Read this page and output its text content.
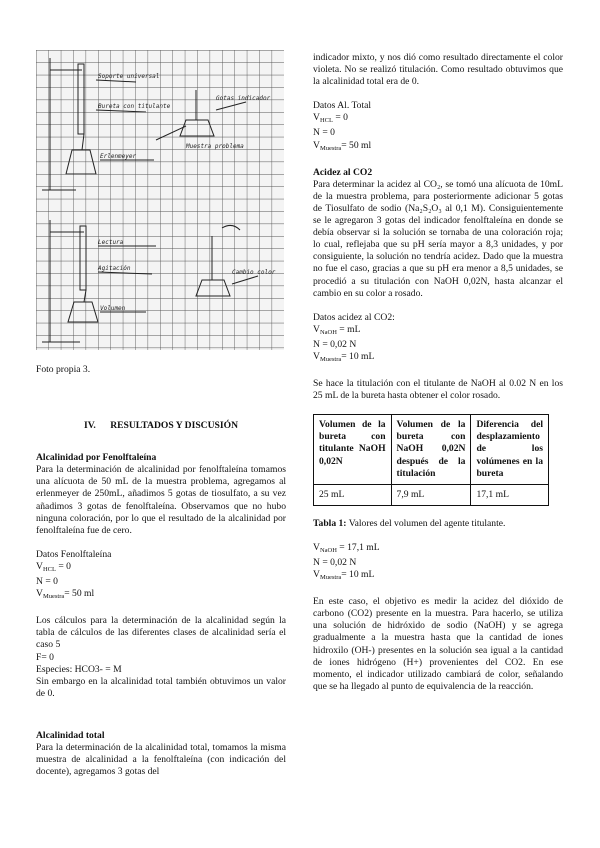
Soporte universal
Bureta con titulante
Erlenmeyer
Muestra problema
Gotas indicador
Lectura
Cambio color
Agitación
Volumen

Foto propia 3.

IV. RESULTADOS Y DISCUSIÓN

Alcalinidad por Fenolftaleína

Para la determinación de alcalinidad por fenolftaleína tomamos una alícuota de 50 mL de la muestra problema, agregamos al erlenmeyer de 250mL, añadimos 5 gotas de tiosulfato, a su vez añadimos 3 gotas de fenolftaleína. Observamos que no hubo ninguna coloración, por lo que el resultado de la alcalinidad por fenolftaleína fue de cero.

Datos Fenolftaleína

$V_{HCL} = 0$

N = 0

$V_{Muestra}= 50$ ml

Los cálculos para la determinación de la alcalinidad según la tabla de cálculos de las diferentes clases de alcalinidad sería el caso 5

F= 0

Especies: HCO3- = M

Sin embargo en la alcalinidad total también obtuvimos un valor de 0.

Alcalinidad total

Para la determinación de la alcalinidad total, tomamos la misma muestra de alcalinidad a la fenolftaleína (con indicación del docente), agregamos 3 gotas del

indicador mixto, y nos dió como resultado directamente el color violeta. No se realizó titulación. Como resultado obtuvimos que la alcalinidad total era de 0.

Datos Al. Total

$V_{HCL} = 0$

N = 0

$V_{Muestra}= 50$ ml

Acidez al CO2

Para determinar la acidez al CO₂, se tomó una alícuota de 10mL de la muestra problema, para posteriormente adicionar 5 gotas de Tiosulfato de sodio (Na₂S₂O₃ al 0,1 M). Consiguientemente se le agregaron 3 gotas del indicador fenolftaleína en donde se debía observar si la solución se tornaba de una coloración roja; lo cual, reflejaba que su pH sería mayor a 8,3 unidades, y por consiguiente, la solución no tendría acidez. Dado que la muestra no fue el caso, gracias a que su pH era menor a 8,5 unidades, se procedió a su titulación con NaOH 0,02N, hasta alcanzar el cambio en su color a rosado.

Datos acidez al CO2:

$V_{NaOH}$ = mL

N = 0,02 N

$V_{Muestra}= 10$ mL

Se hace la titulación con el titulante de NaOH al 0.02 N en los 25 mL de la bureta hasta obtener el color rosado.

Volumen de la bureta con titulante NaOH 0,02N	Volumen de la bureta con NaOH 0,02N después de la titulación	Diferencia del desplazamiento de los volúmenes en la bureta
25 mL	7,9 mL	17,1 mL

Tabla 1: Valores del volumen del agente titulante.

$V_{NaOH} = 17,1$ mL

N = 0,02 N

$V_{Muestra}= 10$ mL

En este caso, el objetivo es medir la acidez del dióxido de carbono (CO2) presente en la muestra. Para hacerlo, se utiliza una solución de hidróxido de sodio (NaOH) y se agrega gradualmente a la muestra hasta que la cantidad de iones hidroxilo (OH-) presentes en la solución sea igual a la cantidad de iones hidrógeno (H+) provenientes del CO2. En ese momento, el indicador utilizado cambiará de color, señalando que se ha llegado al punto de equivalencia de la reacción.
